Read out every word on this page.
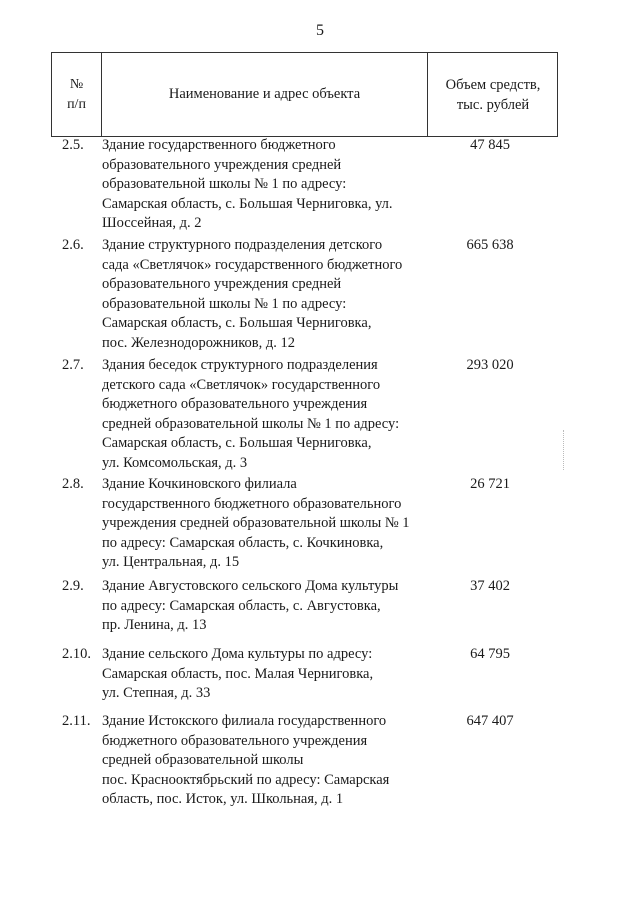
5
№
п/п
Наименование и адрес объекта
Объем средств,
тыс. рублей
2.5. Здание государственного бюджетного
образовательного учреждения средней
образовательной школы № 1 по адресу:
Самарская область, с. Большая Черниговка, ул.
Шоссейная, д. 2
47 845
2.6. Здание структурного подразделения детского
сада «Светлячок» государственного бюджетного
образовательного учреждения средней
образовательной школы № 1 по адресу:
Самарская область, с. Большая Черниговка,
пос. Железнодорожников, д. 12
665 638
2.7. Здания беседок структурного подразделения
детского сада «Светлячок» государственного
бюджетного образовательного учреждения
средней образовательной школы № 1 по адресу:
Самарская область, с. Большая Черниговка,
ул. Комсомольская, д. 3
293 020
2.8. Здание Кочкиновского филиала
государственного бюджетного образовательного
учреждения средней образовательной школы № 1
по адресу: Самарская область, с. Кочкиновка,
ул. Центральная, д. 15
26 721
2.9. Здание Августовского сельского Дома культуры
по адресу: Самарская область, с. Августовка,
пр. Ленина, д. 13
37 402
2.10. Здание сельского Дома культуры по адресу:
Самарская область, пос. Малая Черниговка,
ул. Степная, д. 33
64 795
2.11. Здание Истокского филиала государственного
бюджетного образовательного учреждения
средней образовательной школы
пос. Краснооктябрьский по адресу: Самарская
область, пос. Исток, ул. Школьная, д. 1
647 407
